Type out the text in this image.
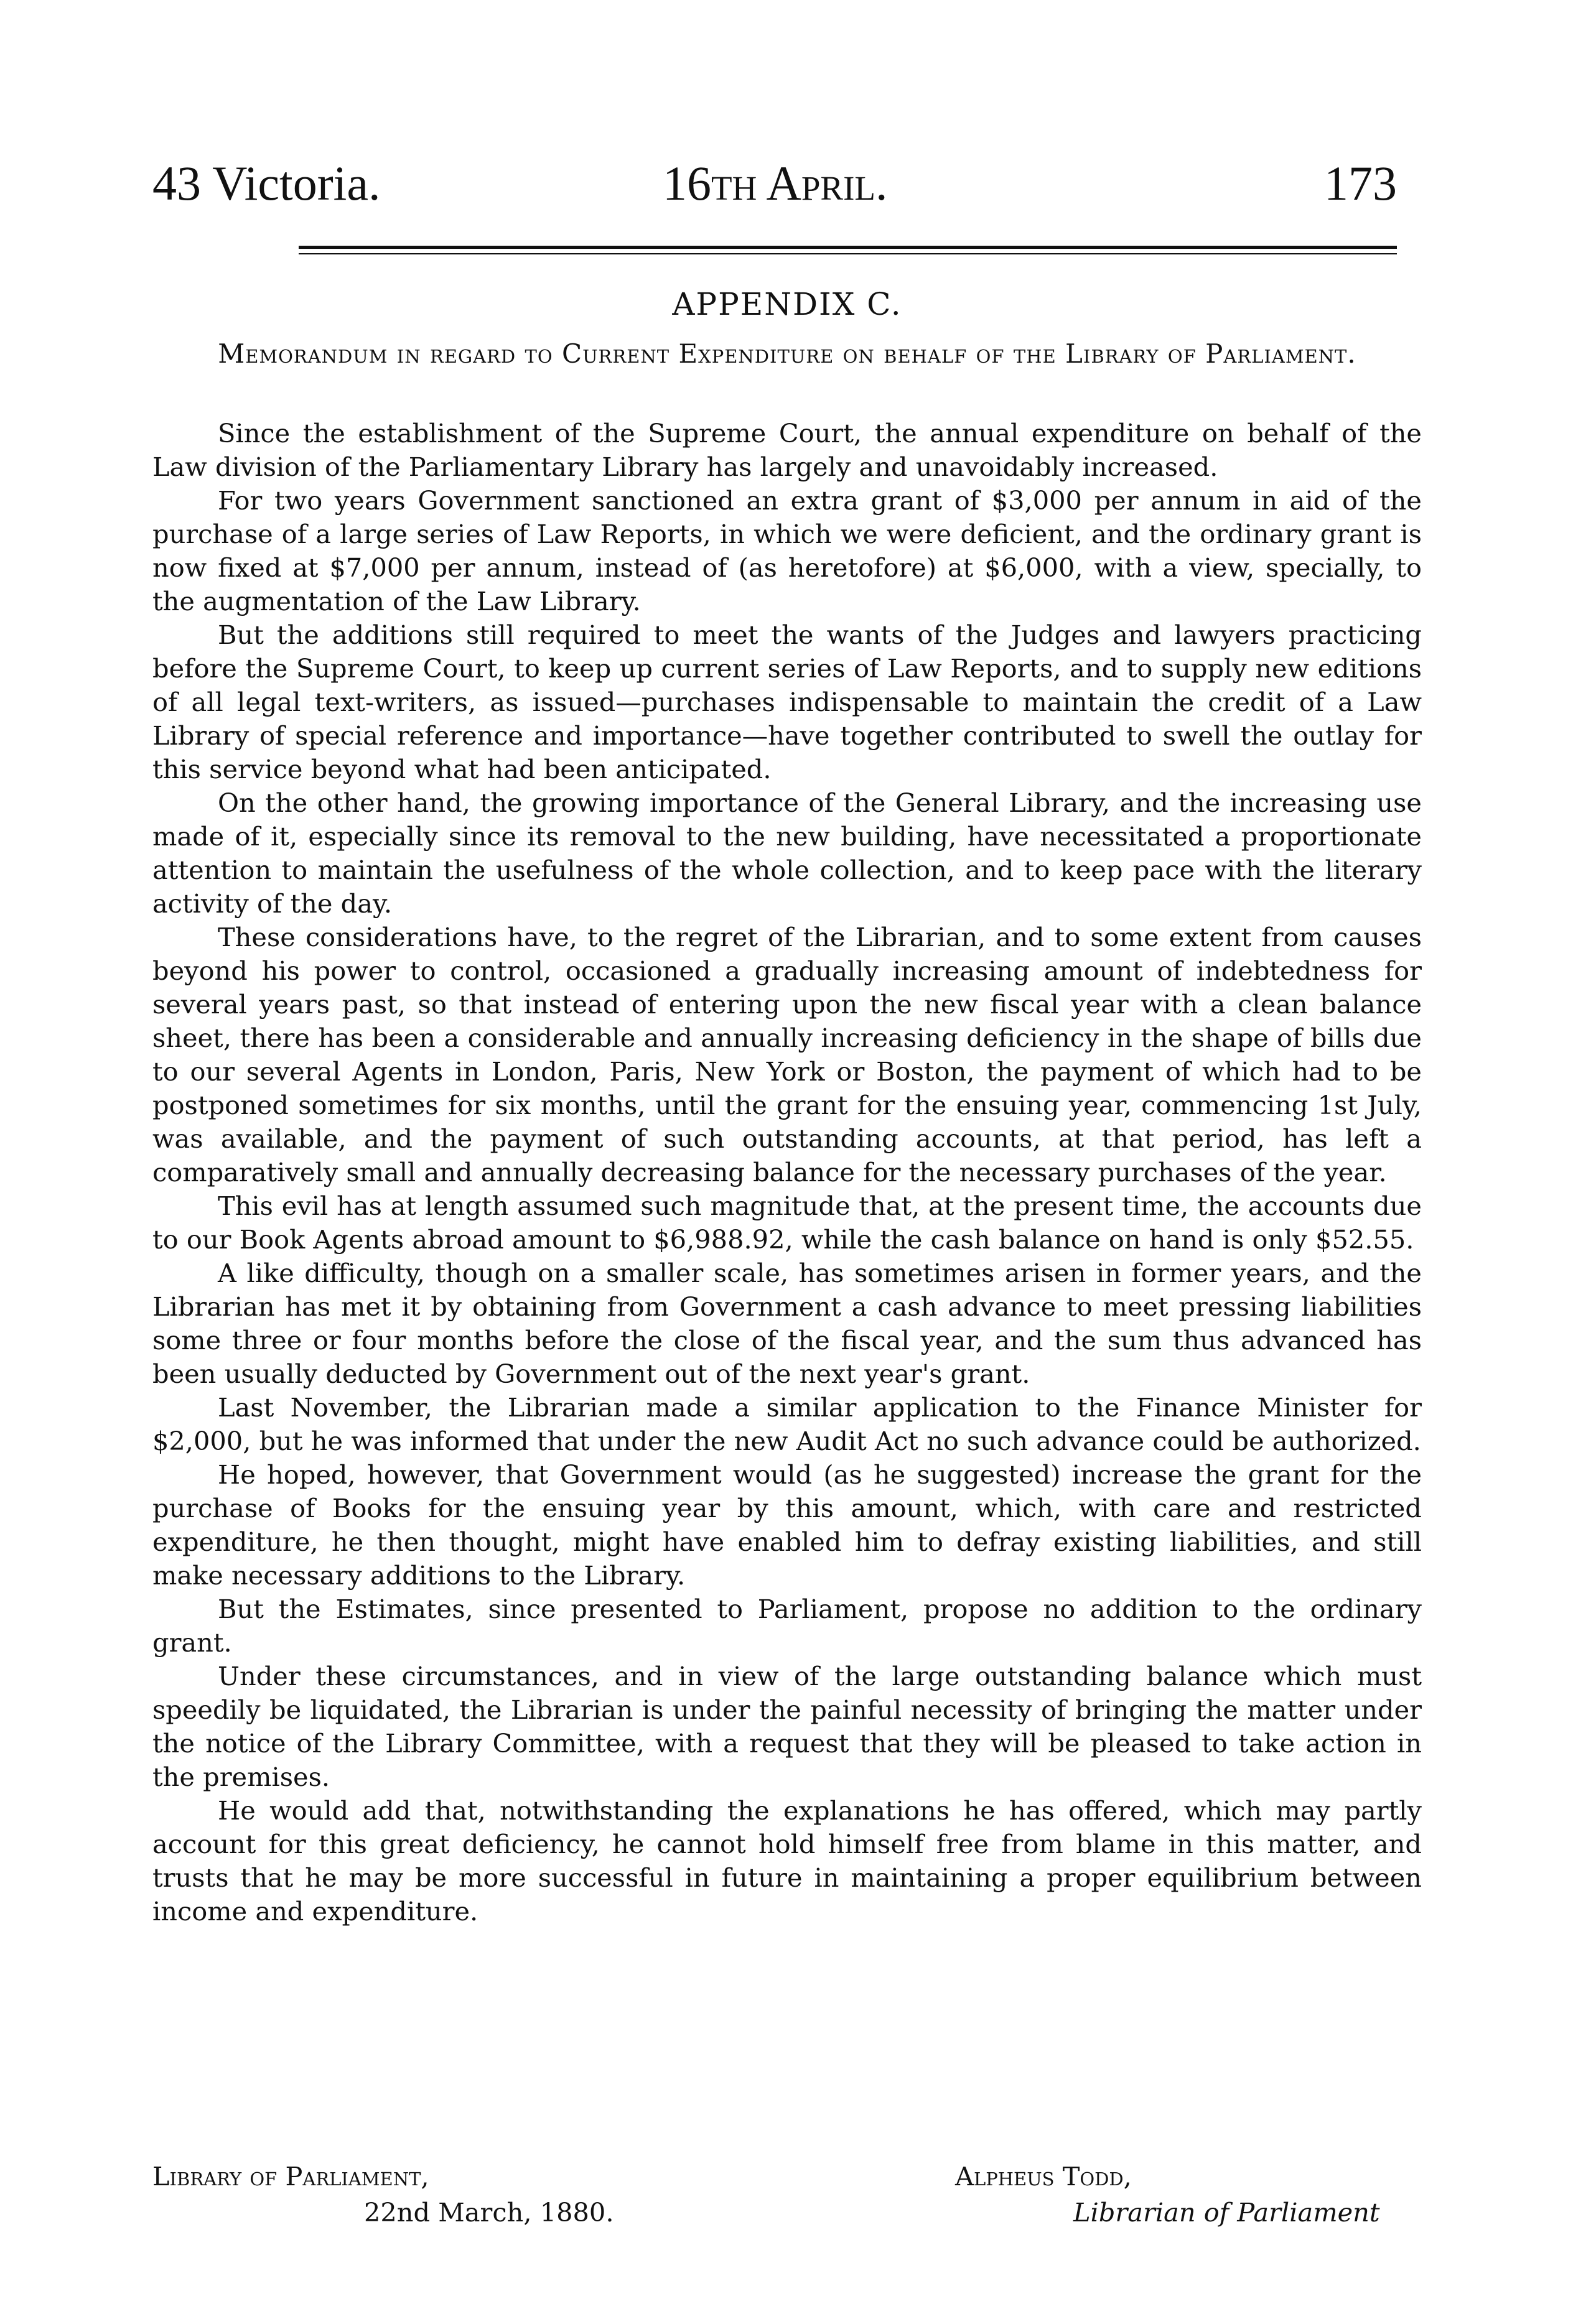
43 Victoria.	16th April.	173
APPENDIX C.
Memorandum in regard to Current Expenditure on behalf of the Library of Parliament.

Since the establishment of the Supreme Court, the annual expenditure on behalf of the Law division of the Parliamentary Library has largely and unavoidably increased.

For two years Government sanctioned an extra grant of $3,000 per annum in aid of the purchase of a large series of Law Reports, in which we were deficient, and the ordinary grant is now fixed at $7,000 per annum, instead of (as heretofore) at $6,000, with a view, specially, to the augmentation of the Law Library.

But the additions still required to meet the wants of the Judges and lawyers practicing before the Supreme Court, to keep up current series of Law Reports, and to supply new editions of all legal text-writers, as issued—purchases indispensable to maintain the credit of a Law Library of special reference and importance—have together contributed to swell the outlay for this service beyond what had been anticipated.

On the other hand, the growing importance of the General Library, and the increasing use made of it, especially since its removal to the new building, have necessitated a proportionate attention to maintain the usefulness of the whole collection, and to keep pace with the literary activity of the day.

These considerations have, to the regret of the Librarian, and to some extent from causes beyond his power to control, occasioned a gradually increasing amount of indebtedness for several years past, so that instead of entering upon the new fiscal year with a clean balance sheet, there has been a considerable and annually increasing deficiency in the shape of bills due to our several Agents in London, Paris, New York or Boston, the payment of which had to be postponed sometimes for six months, until the grant for the ensuing year, commencing 1st July, was available, and the payment of such outstanding accounts, at that period, has left a comparatively small and annually decreasing balance for the necessary purchases of the year.

This evil has at length assumed such magnitude that, at the present time, the accounts due to our Book Agents abroad amount to $6,988.92, while the cash balance on hand is only $52.55.

A like difficulty, though on a smaller scale, has sometimes arisen in former years, and the Librarian has met it by obtaining from Government a cash advance to meet pressing liabilities some three or four months before the close of the fiscal year, and the sum thus advanced has been usually deducted by Government out of the next year's grant.

Last November, the Librarian made a similar application to the Finance Minister for $2,000, but he was informed that under the new Audit Act no such advance could be authorized.

He hoped, however, that Government would (as he suggested) increase the grant for the purchase of Books for the ensuing year by this amount, which, with care and restricted expenditure, he then thought, might have enabled him to defray existing liabilities, and still make necessary additions to the Library.

But the Estimates, since presented to Parliament, propose no addition to the ordinary grant.

Under these circumstances, and in view of the large outstanding balance which must speedily be liquidated, the Librarian is under the painful necessity of bringing the matter under the notice of the Library Committee, with a request that they will be pleased to take action in the premises.

He would add that, notwithstanding the explanations he has offered, which may partly account for this great deficiency, he cannot hold himself free from blame in this matter, and trusts that he may be more successful in future in maintaining a proper equilibrium between income and expenditure.

Library of Parliament,
22nd March, 1880.
Alpheus Todd,
Librarian of Parliament
